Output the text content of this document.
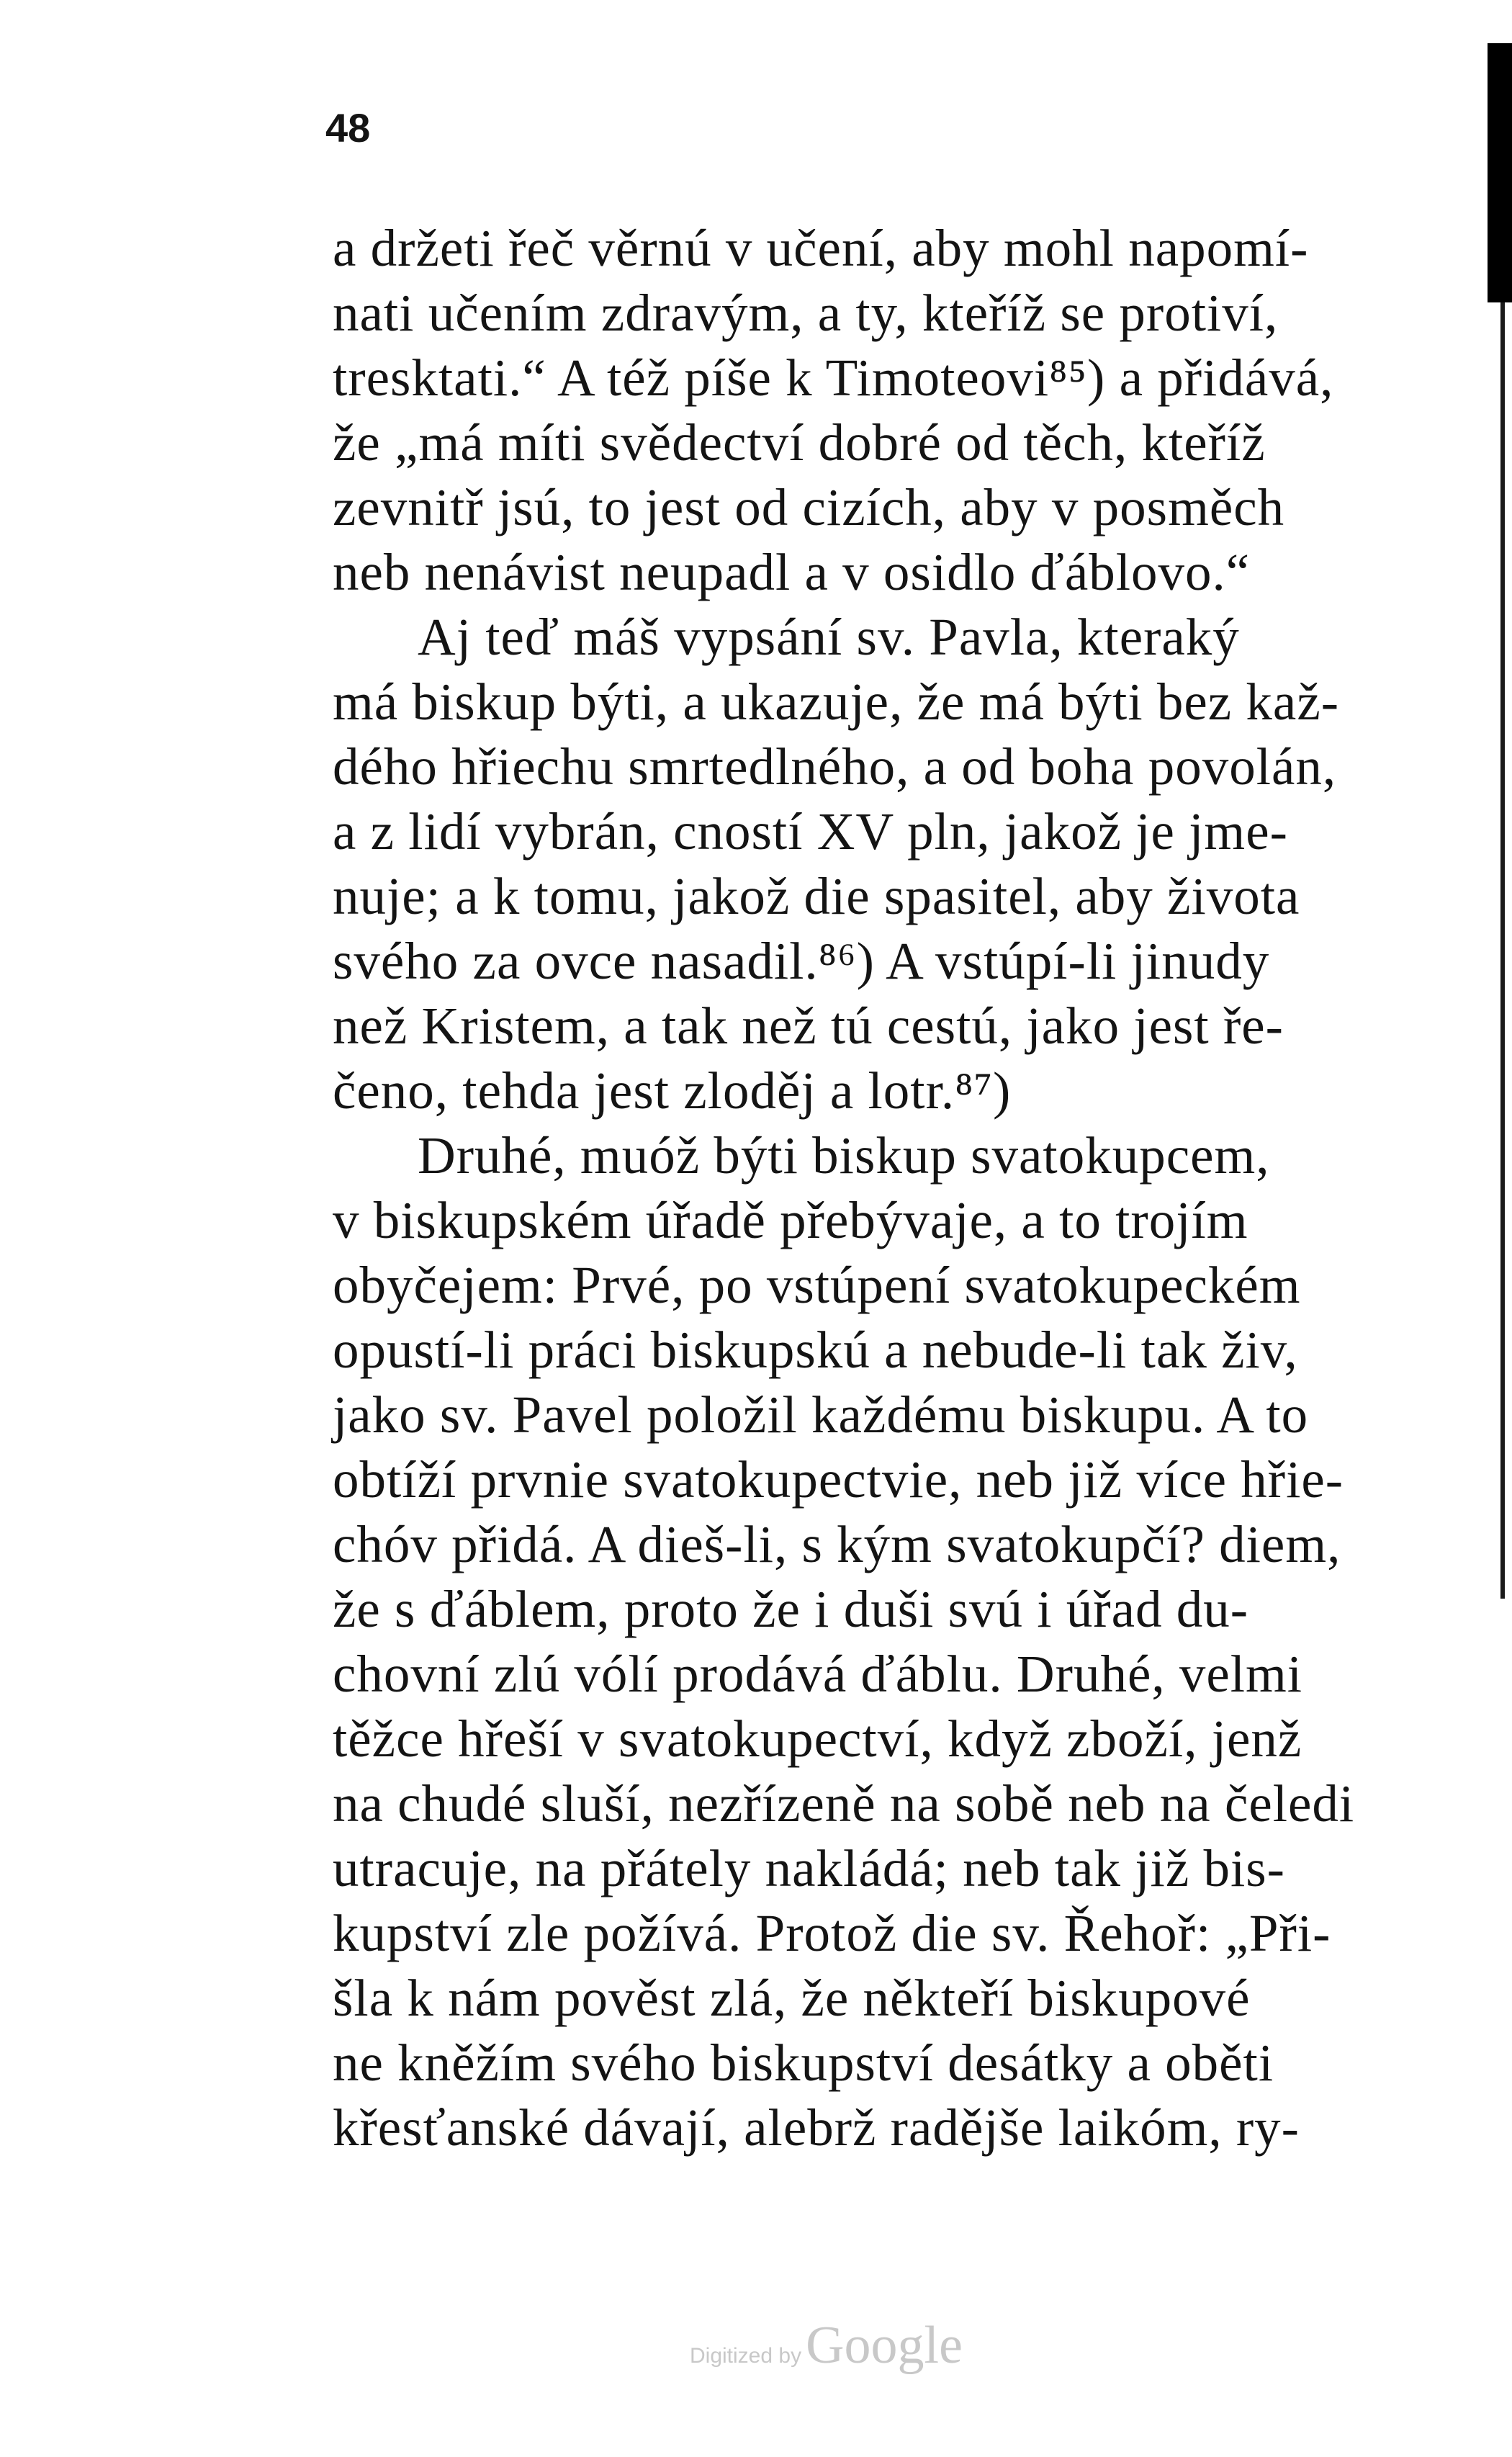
48
a držeti řeč věrnú v učení, aby mohl napomí-
nati učením zdravým, a ty, kteříž se protiví,
tresktati.“ A též píše k Timoteovi⁸⁵) a přidává,
že „má míti svědectví dobré od těch, kteříž
zevnitř jsú, to jest od cizích, aby v posměch
neb nenávist neupadl a v osidlo ďáblovo.“
Aj teď máš vypsání sv. Pavla, kteraký
má biskup býti, a ukazuje, že má býti bez kaž-
dého hřiechu smrtedlného, a od boha povolán,
a z lidí vybrán, cností XV pln, jakož je jme-
nuje; a k tomu, jakož die spasitel, aby života
svého za ovce nasadil.⁸⁶) A vstúpí-li jinudy
než Kristem, a tak než tú cestú, jako jest ře-
čeno, tehda jest zloděj a lotr.⁸⁷)
Druhé, muóž býti biskup svatokupcem,
v biskupském úřadě přebývaje, a to trojím
obyčejem: Prvé, po vstúpení svatokupeckém
opustí-li práci biskupskú a nebude-li tak živ,
jako sv. Pavel položil každému biskupu. A to
obtíží prvnie svatokupectvie, neb již více hřie-
chóv přidá. A dieš-li, s kým svatokupčí? diem,
že s ďáblem, proto že i duši svú i úřad du-
chovní zlú vólí prodává ďáblu. Druhé, velmi
těžce hřeší v svatokupectví, když zboží, jenž
na chudé sluší, nezřízeně na sobě neb na čeledi
utracuje, na přátely nakládá; neb tak již bis-
kupství zle požívá. Protož die sv. Řehoř: „Při-
šla k nám pověst zlá, že někteří biskupové
ne kněžím svého biskupství desátky a oběti
křesťanské dávají, alebrž radějše laikóm, ry-
Digitized byGoogle
